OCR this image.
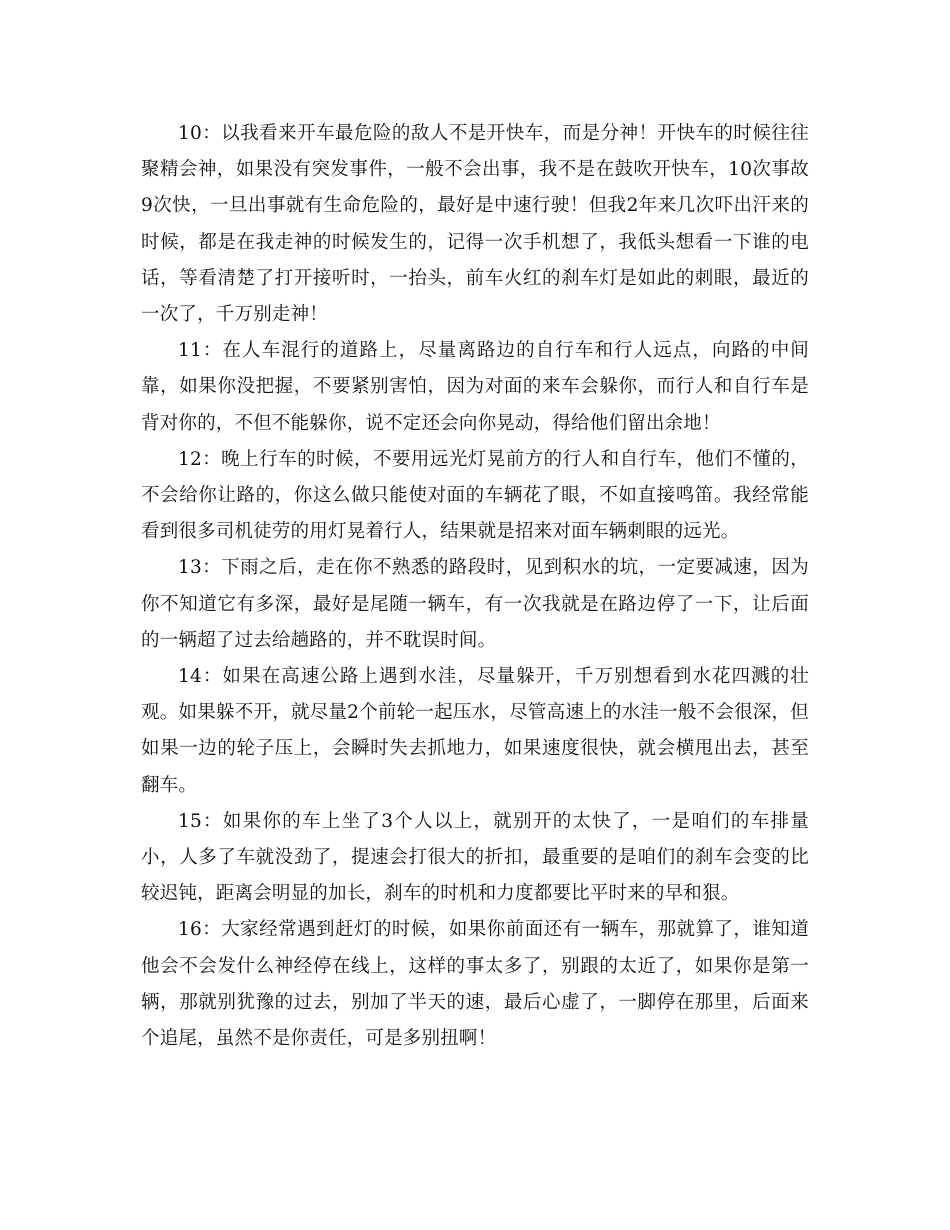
10：以我看来开车最危险的敌人不是开快车，而是分神！开快车的时候往往聚精会神，如果没有突发事件，一般不会出事，我不是在鼓吹开快车，10次事故9次快，一旦出事就有生命危险的，最好是中速行驶！但我2年来几次吓出汗来的时候，都是在我走神的时候发生的，记得一次手机想了，我低头想看一下谁的电话，等看清楚了打开接听时，一抬头，前车火红的刹车灯是如此的刺眼，最近的一次了，千万别走神！

11：在人车混行的道路上，尽量离路边的自行车和行人远点，向路的中间靠，如果你没把握，不要紧别害怕，因为对面的来车会躲你，而行人和自行车是背对你的，不但不能躲你，说不定还会向你晃动，得给他们留出余地！

12：晚上行车的时候，不要用远光灯晃前方的行人和自行车，他们不懂的，不会给你让路的，你这么做只能使对面的车辆花了眼，不如直接鸣笛。我经常能看到很多司机徒劳的用灯晃着行人，结果就是招来对面车辆刺眼的远光。

13：下雨之后，走在你不熟悉的路段时，见到积水的坑，一定要减速，因为你不知道它有多深，最好是尾随一辆车，有一次我就是在路边停了一下，让后面的一辆超了过去给趟路的，并不耽误时间。

14：如果在高速公路上遇到水洼，尽量躲开，千万别想看到水花四溅的壮观。如果躲不开，就尽量2个前轮一起压水，尽管高速上的水洼一般不会很深，但如果一边的轮子压上，会瞬时失去抓地力，如果速度很快，就会横甩出去，甚至翻车。

15：如果你的车上坐了3个人以上，就别开的太快了，一是咱们的车排量小，人多了车就没劲了，提速会打很大的折扣，最重要的是咱们的刹车会变的比较迟钝，距离会明显的加长，刹车的时机和力度都要比平时来的早和狠。

16：大家经常遇到赶灯的时候，如果你前面还有一辆车，那就算了，谁知道他会不会发什么神经停在线上，这样的事太多了，别跟的太近了，如果你是第一辆，那就别犹豫的过去，别加了半天的速，最后心虚了，一脚停在那里，后面来个追尾，虽然不是你责任，可是多别扭啊！
